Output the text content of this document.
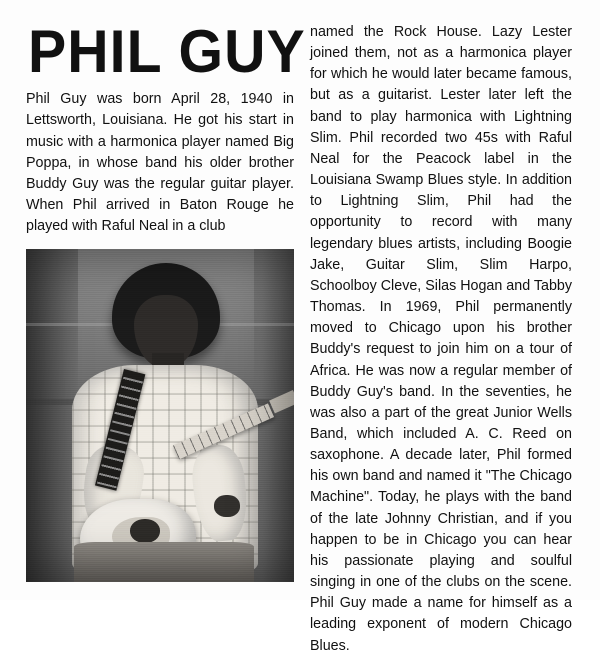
PHIL GUY

Phil Guy was born April 28, 1940 in Lettsworth, Louisiana. He got his start in music with a harmonica player named Big Poppa, in whose band his older brother Buddy Guy was the regular guitar player. When Phil arrived in Baton Rouge he played with Raful Neal in a club

named the Rock House. Lazy Lester joined them, not as a harmonica player for which he would later became famous, but as a guitarist. Lester later left the band to play harmonica with Lightning Slim. Phil recorded two 45s with Raful Neal for the Peacock label in the Louisiana Swamp Blues style. In addition to Lightning Slim, Phil had the opportunity to record with many legendary blues artists, including Boogie Jake, Guitar Slim, Slim Harpo, Schoolboy Cleve, Silas Hogan and Tabby Thomas. In 1969, Phil permanently moved to Chicago upon his brother Buddy's request to join him on a tour of Africa. He was now a regular member of Buddy Guy's band. In the seventies, he was also a part of the great Junior Wells Band, which included A. C. Reed on saxophone. A decade later, Phil formed his own band and named it "The Chicago Machine". Today, he plays with the band of the late Johnny Christian, and if you happen to be in Chicago you can hear his passionate playing and soulful singing in one of the clubs on the scene. Phil Guy made a name for himself as a leading exponent of modern Chicago Blues.
